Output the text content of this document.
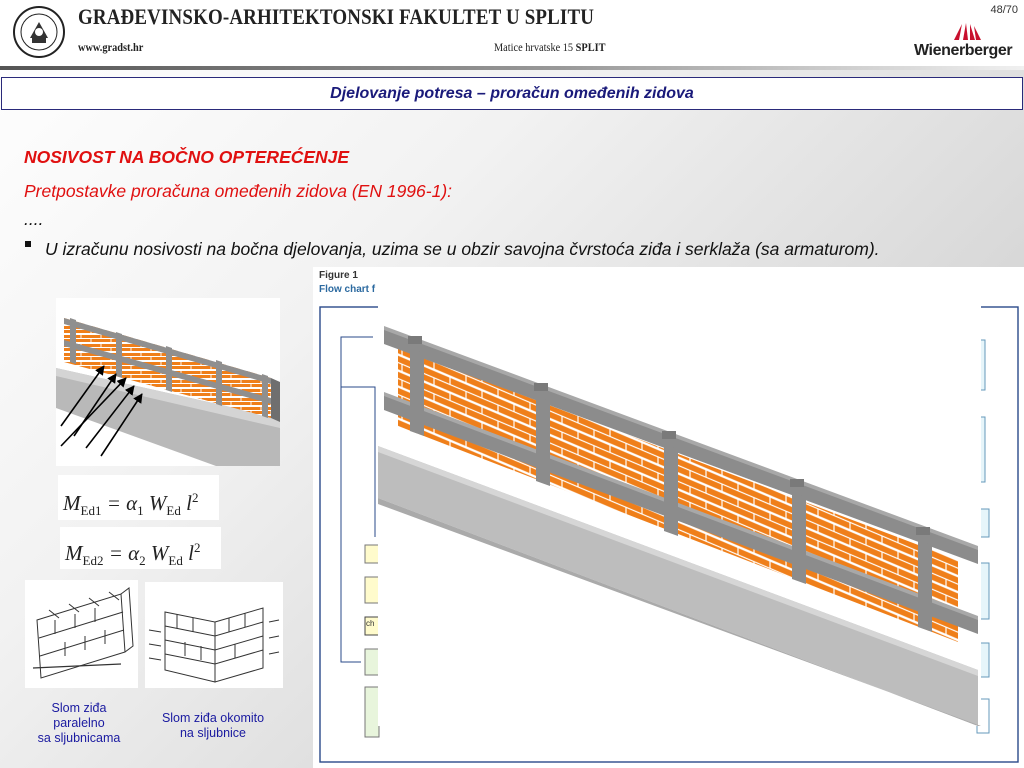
GRAĐEVINSKO-ARHITEKTONSKI FAKULTET U SPLITU
www.gradst.hr	Matice hrvatske 15 SPLIT
48/70
Wienerberger
Djelovanje potresa – proračun omeđenih zidova
NOSIVOST NA BOČNO OPTEREĆENJE
Pretpostavke proračuna omeđenih zidova (EN 1996-1):
....
U izračunu nosivosti na bočna djelovanja, uzima se u obzir savojna čvrstoća ziđa i serklaža (sa armaturom).
$M_{Ed1} = \alpha_1$ $W_{Ed}$ $l^2$
$M_{Ed2} = \alpha_2$ $W_{Ed}$ $l^2$
Slom ziđa
paralelno
sa sljubnicama
Slom ziđa okomito
na sljubnice
Figure 1
Flow chart f
ch
